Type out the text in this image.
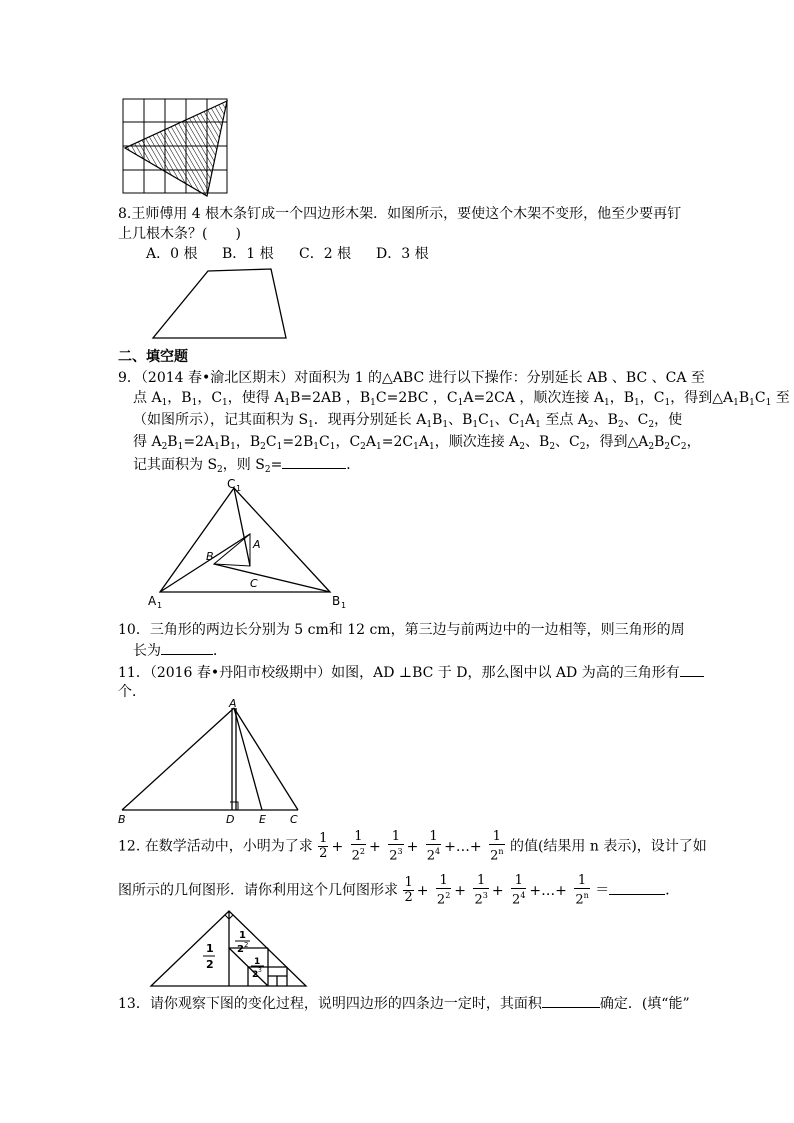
8.王师傅用 4 根木条钉成一个四边形木架．如图所示，要使这个木架不变形，他至少要再钉
上几根木条？(　　)
A．0 根 B．1 根 C．2 根 D．3 根
二、填空题
9．（2014 春•渝北区期末）对面积为 1 的△ABC 进行以下操作：分别延长 AB 、BC 、CA 至
点 $A_1$，$B_1$，$C_1$，使得 $A_1B=2AB$ ，$B_1C=2BC$ ，$C_1A=2CA$ ，顺次连接 $A_1$，$B_1$，$C_1$，得到$\triangle A_1B_1C_1$ 至
（如图所示），记其面积为 $S_1$．现再分别延长 $A_1B_1$、$B_1C_1$、$C_1A_1$ 至点 $A_2$、$B_2$、$C_2$，使
得 $A_2B_1=2A_1B_1$，$B_2C_1=2B_1C_1$，$C_2A_1=2C_1A_1$，顺次连接 $A_2$、$B_2$、$C_2$，得到$\triangle A_2B_2C_2$，
记其面积为 $S_2$，则 $S_2=$	．
C 1
A 1	B 1
A
B
C
10．三角形的两边长分别为 5 cm和 12 cm，第三边与前两边中的一边相等，则三角形的周
长为	．
11．（2016 春•丹阳市校级期中）如图，AD ⊥BC 于 D，那么图中以 AD 为高的三角形有
个．
A
B	D E C
12. 在数学活动中，小明为了求 $\frac{1}{2} + \frac{1}{2^2} + \frac{1}{2^3} + \frac{1}{2^4}$ +…+ $\frac{1}{2^n}$ 的值(结果用 n 表示)，设计了如
图所示的几何图形．请你利用这个几何图形求 $\frac{1}{2} + \frac{1}{2^2} + \frac{1}{2^3} + \frac{1}{2^4}$ +…+ $\frac{1}{2^n}$ ＝	．
1
2
1
2 2
1
2 3
13．请你观察下图的变化过程，说明四边形的四条边一定时，其面积	确定．(填“能”
